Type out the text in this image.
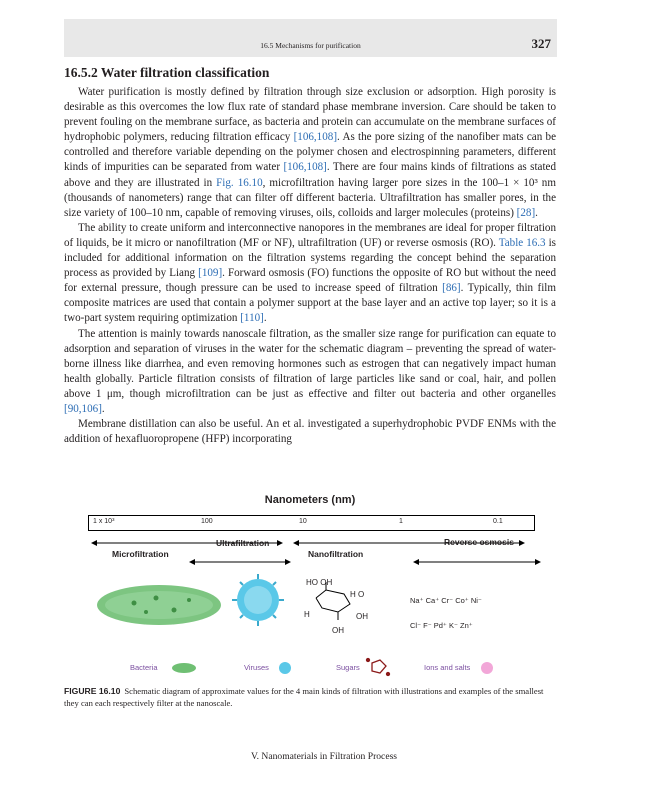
16.5 Mechanisms for purification	327
16.5.2 Water filtration classification

Water purification is mostly defined by filtration through size exclusion or adsorption. High porosity is desirable as this overcomes the low flux rate of standard phase membrane inversion. Care should be taken to prevent fouling on the membrane surface, as bacteria and protein can accumulate on the membrane surfaces of hydrophobic polymers, reducing filtration efficacy [106,108]. As the pore sizing of the nanofiber mats can be controlled and therefore variable depending on the polymer chosen and electrospinning parameters, different kinds of impurities can be separated from water [106,108]. There are four mains kinds of filtrations as stated above and they are illustrated in Fig. 16.10, microfiltration having larger pore sizes in the 100–1 × 10³ nm (thousands of nanometers) range that can filter off different bacteria. Ultrafiltration has smaller pores, in the size variety of 100–10 nm, capable of removing viruses, oils, colloids and larger molecules (proteins) [28].

The ability to create uniform and interconnective nanopores in the membranes are ideal for proper filtration of liquids, be it micro or nanofiltration (MF or NF), ultrafiltration (UF) or reverse osmosis (RO). Table 16.3 is included for additional information on the filtration systems regarding the concept behind the separation process as provided by Liang [109]. Forward osmosis (FO) functions the opposite of RO but without the need for external pressure, though pressure can be used to increase speed of filtration [86]. Typically, thin film composite matrices are used that contain a polymer support at the base layer and an active top layer; so it is a two-part system requiring optimization [110].

The attention is mainly towards nanoscale filtration, as the smaller size range for purification can equate to adsorption and separation of viruses in the water for the schematic diagram – preventing the spread of water-borne illness like diarrhea, and even removing hormones such as estrogen that can negatively impact human health globally. Particle filtration consists of filtration of large particles like sand or coal, hair, and pollen above 1 μm, though microfiltration can be just as effective and filter out bacteria and other organelles [90,106].

Membrane distillation can also be useful. An et al. investigated a superhydrophobic PVDF ENMs with the addition of hexafluoropropene (HFP) incorporating

Nanometers (nm)
1 x 10³	100	10	1	0.1
Ultrafiltration	Reverse osmosis
Microfiltration	Nanofiltration
HO OH
H O
H	OH
OH
Na⁺ Ca⁺ Cr⁻ Co⁺ Ni⁻
Cl⁻ F⁻ Pd⁺ K⁻ Zn⁺
Bacteria	Viruses	Sugars	Ions and salts
FIGURE 16.10 Schematic diagram of approximate values for the 4 main kinds of filtration with illustrations and examples of the smallest they can each respectively filter at the nanoscale.
V. Nanomaterials in Filtration Process
